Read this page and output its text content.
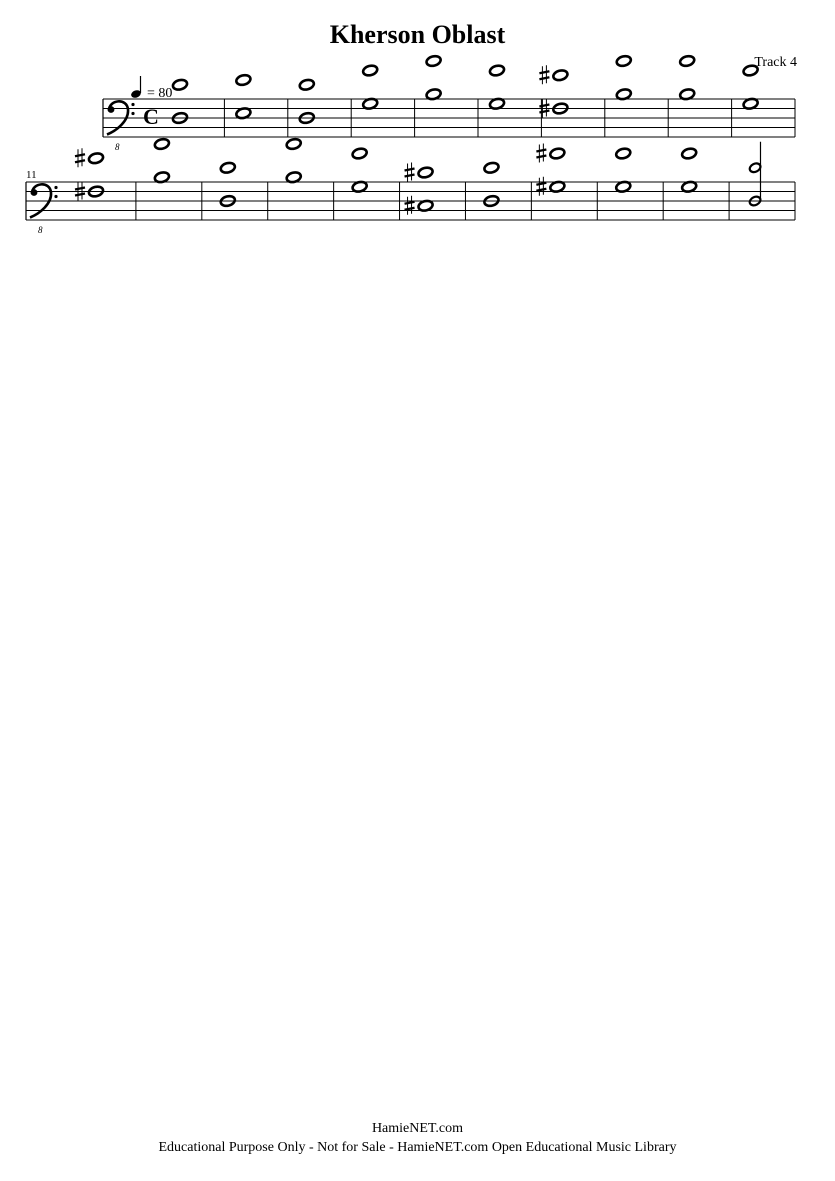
Kherson Oblast
Track 4
= 80
8
C
8
11
HamieNET.com
Educational Purpose Only - Not for Sale - HamieNET.com Open Educational Music Library
